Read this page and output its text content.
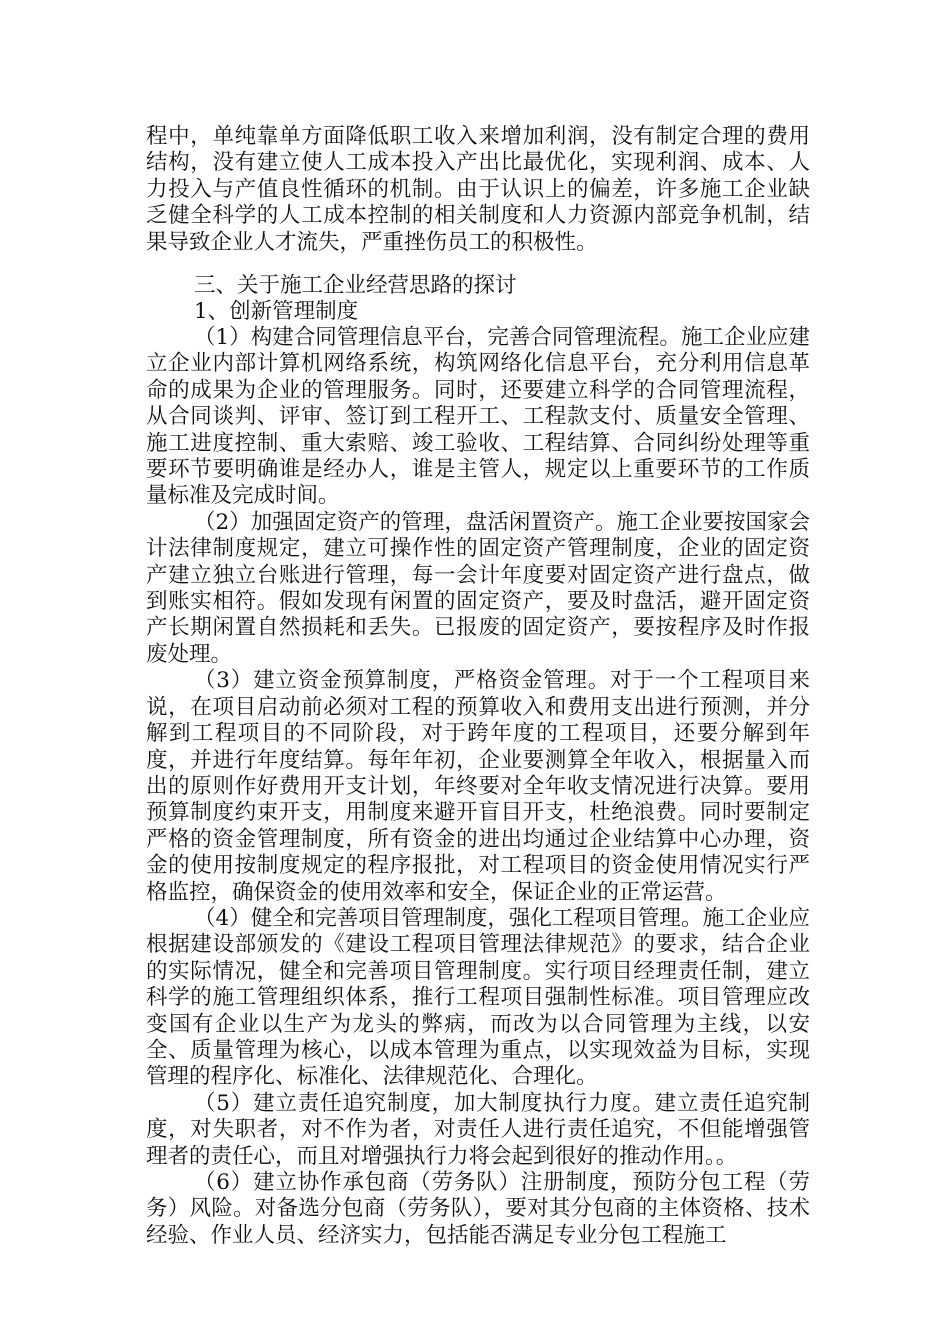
程中，单纯靠单方面降低职工收入来增加利润，没有制定合理的费用结构，没有建立使人工成本投入产出比最优化，实现利润、成本、人力投入与产值良性循环的机制。由于认识上的偏差，许多施工企业缺乏健全科学的人工成本控制的相关制度和人力资源内部竞争机制，结果导致企业人才流失，严重挫伤员工的积极性。

三、关于施工企业经营思路的探讨
1、创新管理制度

（1）构建合同管理信息平台，完善合同管理流程。施工企业应建立企业内部计算机网络系统，构筑网络化信息平台，充分利用信息革命的成果为企业的管理服务。同时，还要建立科学的合同管理流程，从合同谈判、评审、签订到工程开工、工程款支付、质量安全管理、施工进度控制、重大索赔、竣工验收、工程结算、合同纠纷处理等重要环节要明确谁是经办人，谁是主管人，规定以上重要环节的工作质量标准及完成时间。

（2）加强固定资产的管理，盘活闲置资产。施工企业要按国家会计法律制度规定，建立可操作性的固定资产管理制度，企业的固定资产建立独立台账进行管理，每一会计年度要对固定资产进行盘点，做到账实相符。假如发现有闲置的固定资产，要及时盘活，避开固定资产长期闲置自然损耗和丢失。已报废的固定资产，要按程序及时作报废处理。

（3）建立资金预算制度，严格资金管理。对于一个工程项目来说，在项目启动前必须对工程的预算收入和费用支出进行预测，并分解到工程项目的不同阶段，对于跨年度的工程项目，还要分解到年度，并进行年度结算。每年年初，企业要测算全年收入，根据量入而出的原则作好费用开支计划，年终要对全年收支情况进行决算。要用预算制度约束开支，用制度来避开盲目开支，杜绝浪费。同时要制定严格的资金管理制度，所有资金的进出均通过企业结算中心办理，资金的使用按制度规定的程序报批，对工程项目的资金使用情况实行严格监控，确保资金的使用效率和安全，保证企业的正常运营。

（4）健全和完善项目管理制度，强化工程项目管理。施工企业应根据建设部颁发的《建设工程项目管理法律规范》的要求，结合企业的实际情况，健全和完善项目管理制度。实行项目经理责任制，建立科学的施工管理组织体系，推行工程项目强制性标准。项目管理应改变国有企业以生产为龙头的弊病，而改为以合同管理为主线，以安全、质量管理为核心，以成本管理为重点，以实现效益为目标，实现管理的程序化、标准化、法律规范化、合理化。

（5）建立责任追究制度，加大制度执行力度。建立责任追究制度，对失职者，对不作为者，对责任人进行责任追究，不但能增强管理者的责任心，而且对增强执行力将会起到很好的推动作用。。

（6）建立协作承包商（劳务队）注册制度，预防分包工程（劳务）风险。对备选分包商（劳务队），要对其分包商的主体资格、技术经验、作业人员、经济实力，包括能否满足专业分包工程施工
